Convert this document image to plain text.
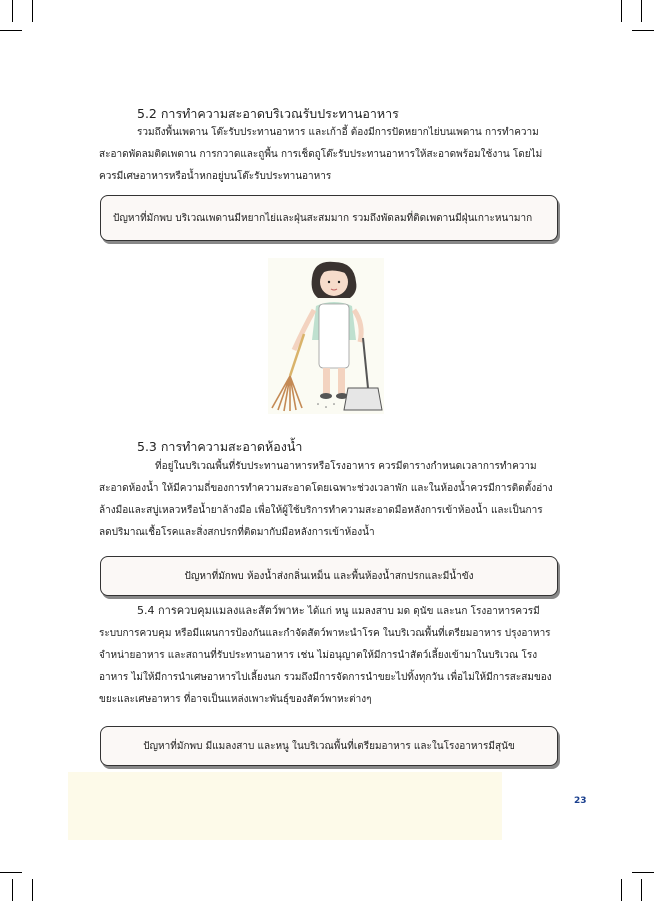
5.2 การทำความสะอาดบริเวณรับประทานอาหาร

รวมถึงพื้นเพดาน โต๊ะรับประทานอาหาร และเก้าอี้ ต้องมีการปัดหยากไย่บนเพดาน การทำความสะอาดพัดลมติดเพดาน การกวาดและถูพื้น การเช็ดถูโต๊ะรับประทานอาหารให้สะอาดพร้อมใช้งาน โดยไม่ควรมีเศษอาหารหรือน้ำหกอยู่บนโต๊ะรับประทานอาหาร

ปัญหาที่มักพบ บริเวณเพดานมีหยากไย่และฝุ่นสะสมมาก รวมถึงพัดลมที่ติดเพดานมีฝุ่นเกาะหนามาก
5.3 การทำความสะอาดห้องน้ำ

ที่อยู่ในบริเวณพื้นที่รับประทานอาหารหรือโรงอาหาร ควรมีตารางกำหนดเวลาการทำความสะอาดห้องน้ำ ให้มีความถี่ของการทำความสะอาดโดยเฉพาะช่วงเวลาพัก และในห้องน้ำควรมีการติดตั้งอ่างล้างมือและสบู่เหลวหรือน้ำยาล้างมือ เพื่อให้ผู้ใช้บริการทำความสะอาดมือหลังการเข้าห้องน้ำ และเป็นการลดปริมาณเชื้อโรคและสิ่งสกปรกที่ติดมากับมือหลังการเข้าห้องน้ำ

ปัญหาที่มักพบ ห้องน้ำส่งกลิ่นเหม็น และพื้นห้องน้ำสกปรกและมีน้ำขัง

5.4 การควบคุมแมลงและสัตว์พาหะ ได้แก่ หนู แมลงสาบ มด ดุนัข และนก โรงอาหารควรมีระบบการควบคุม หรือมีแผนการป้องกันและกำจัดสัตว์พาหะนำโรค ในบริเวณพื้นที่เตรียมอาหาร ปรุงอาหาร จำหน่ายอาหาร และสถานที่รับประทานอาหาร เช่น ไม่อนุญาตให้มีการนำสัตว์เลี้ยงเข้ามาในบริเวณ โรงอาหาร ไม่ให้มีการนำเศษอาหารไปเลี้ยงนก รวมถึงมีการจัดการนำขยะไปทิ้งทุกวัน เพื่อไม่ให้มีการสะสมของขยะและเศษอาหาร ที่อาจเป็นแหล่งเพาะพันธุ์ของสัตว์พาหะต่างๆ

ปัญหาที่มักพบ มีแมลงสาบ และหนู ในบริเวณพื้นที่เตรียมอาหาร และในโรงอาหารมีสุนัข
23
